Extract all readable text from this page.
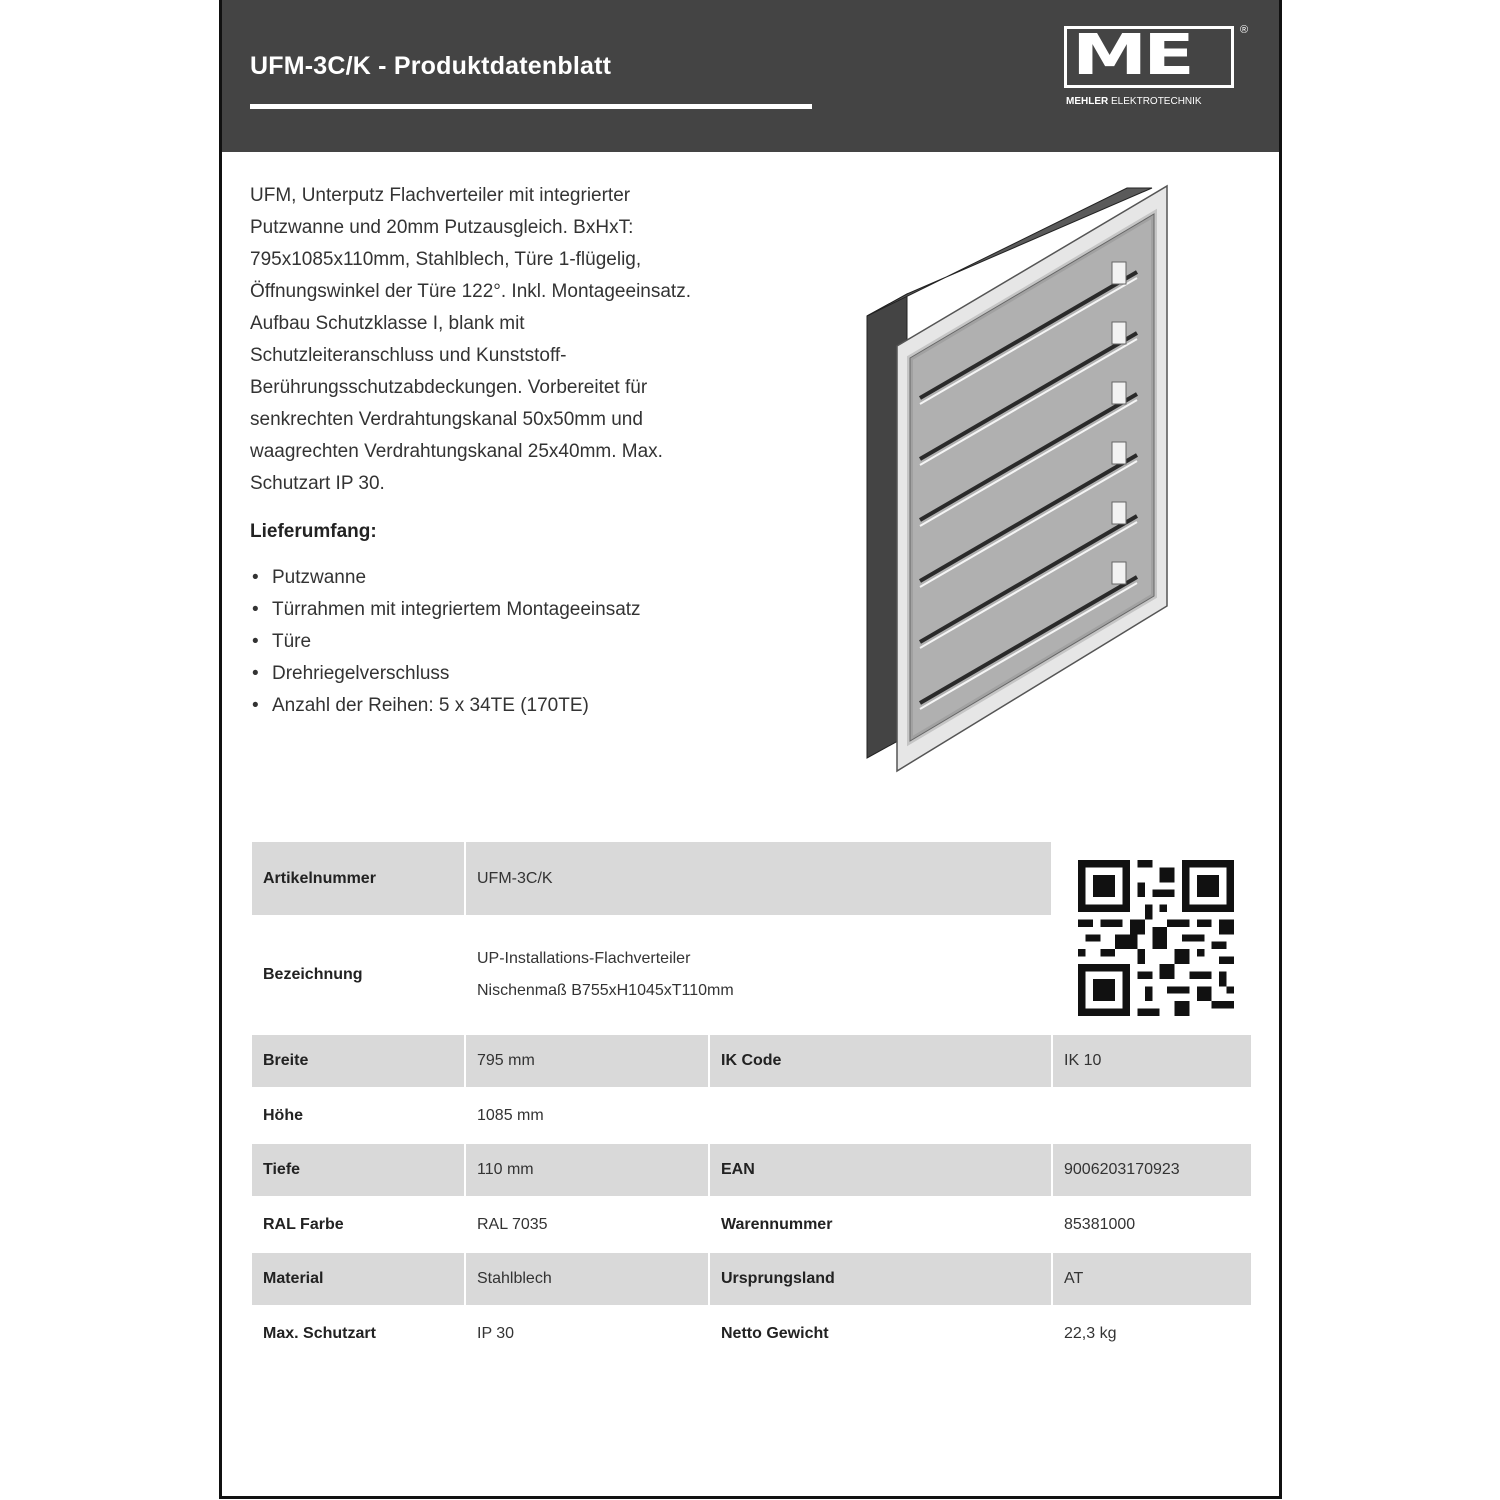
UFM-3C/K - Produktdatenblatt	ME	®
MEHLER ELEKTROTECHNIK
UFM, Unterputz Flachverteiler mit integrierter
Putzwanne und 20mm Putzausgleich. BxHxT:
795x1085x110mm, Stahlblech, Türe 1-flügelig,
Öffnungswinkel der Türe 122°. Inkl. Montageeinsatz.
Aufbau Schutzklasse I, blank mit
Schutzleiteranschluss und Kunststoff-
Berührungsschutzabdeckungen. Vorbereitet für
senkrechten Verdrahtungskanal 50x50mm und
waagrechten Verdrahtungskanal 25x40mm. Max.
Schutzart IP 30.
Lieferumfang:
• Putzwanne
• Türrahmen mit integriertem Montageeinsatz
• Türe
• Drehriegelverschluss
• Anzahl der Reihen: 5 x 34TE (170TE)
Artikelnummer	UFM-3C/K		
Bezeichnung	UP-Installations-Flachverteiler
Nischenmaß B755xH1045xT110mm		

Breite	795 mm	IK Code	IK 10
Höhe	1085 mm		
Tiefe	110 mm	EAN	9006203170923
RAL Farbe	RAL 7035	Warennummer	85381000
Material	Stahlblech	Ursprungsland	AT
Max. Schutzart	IP 30	Netto Gewicht	22,3 kg
